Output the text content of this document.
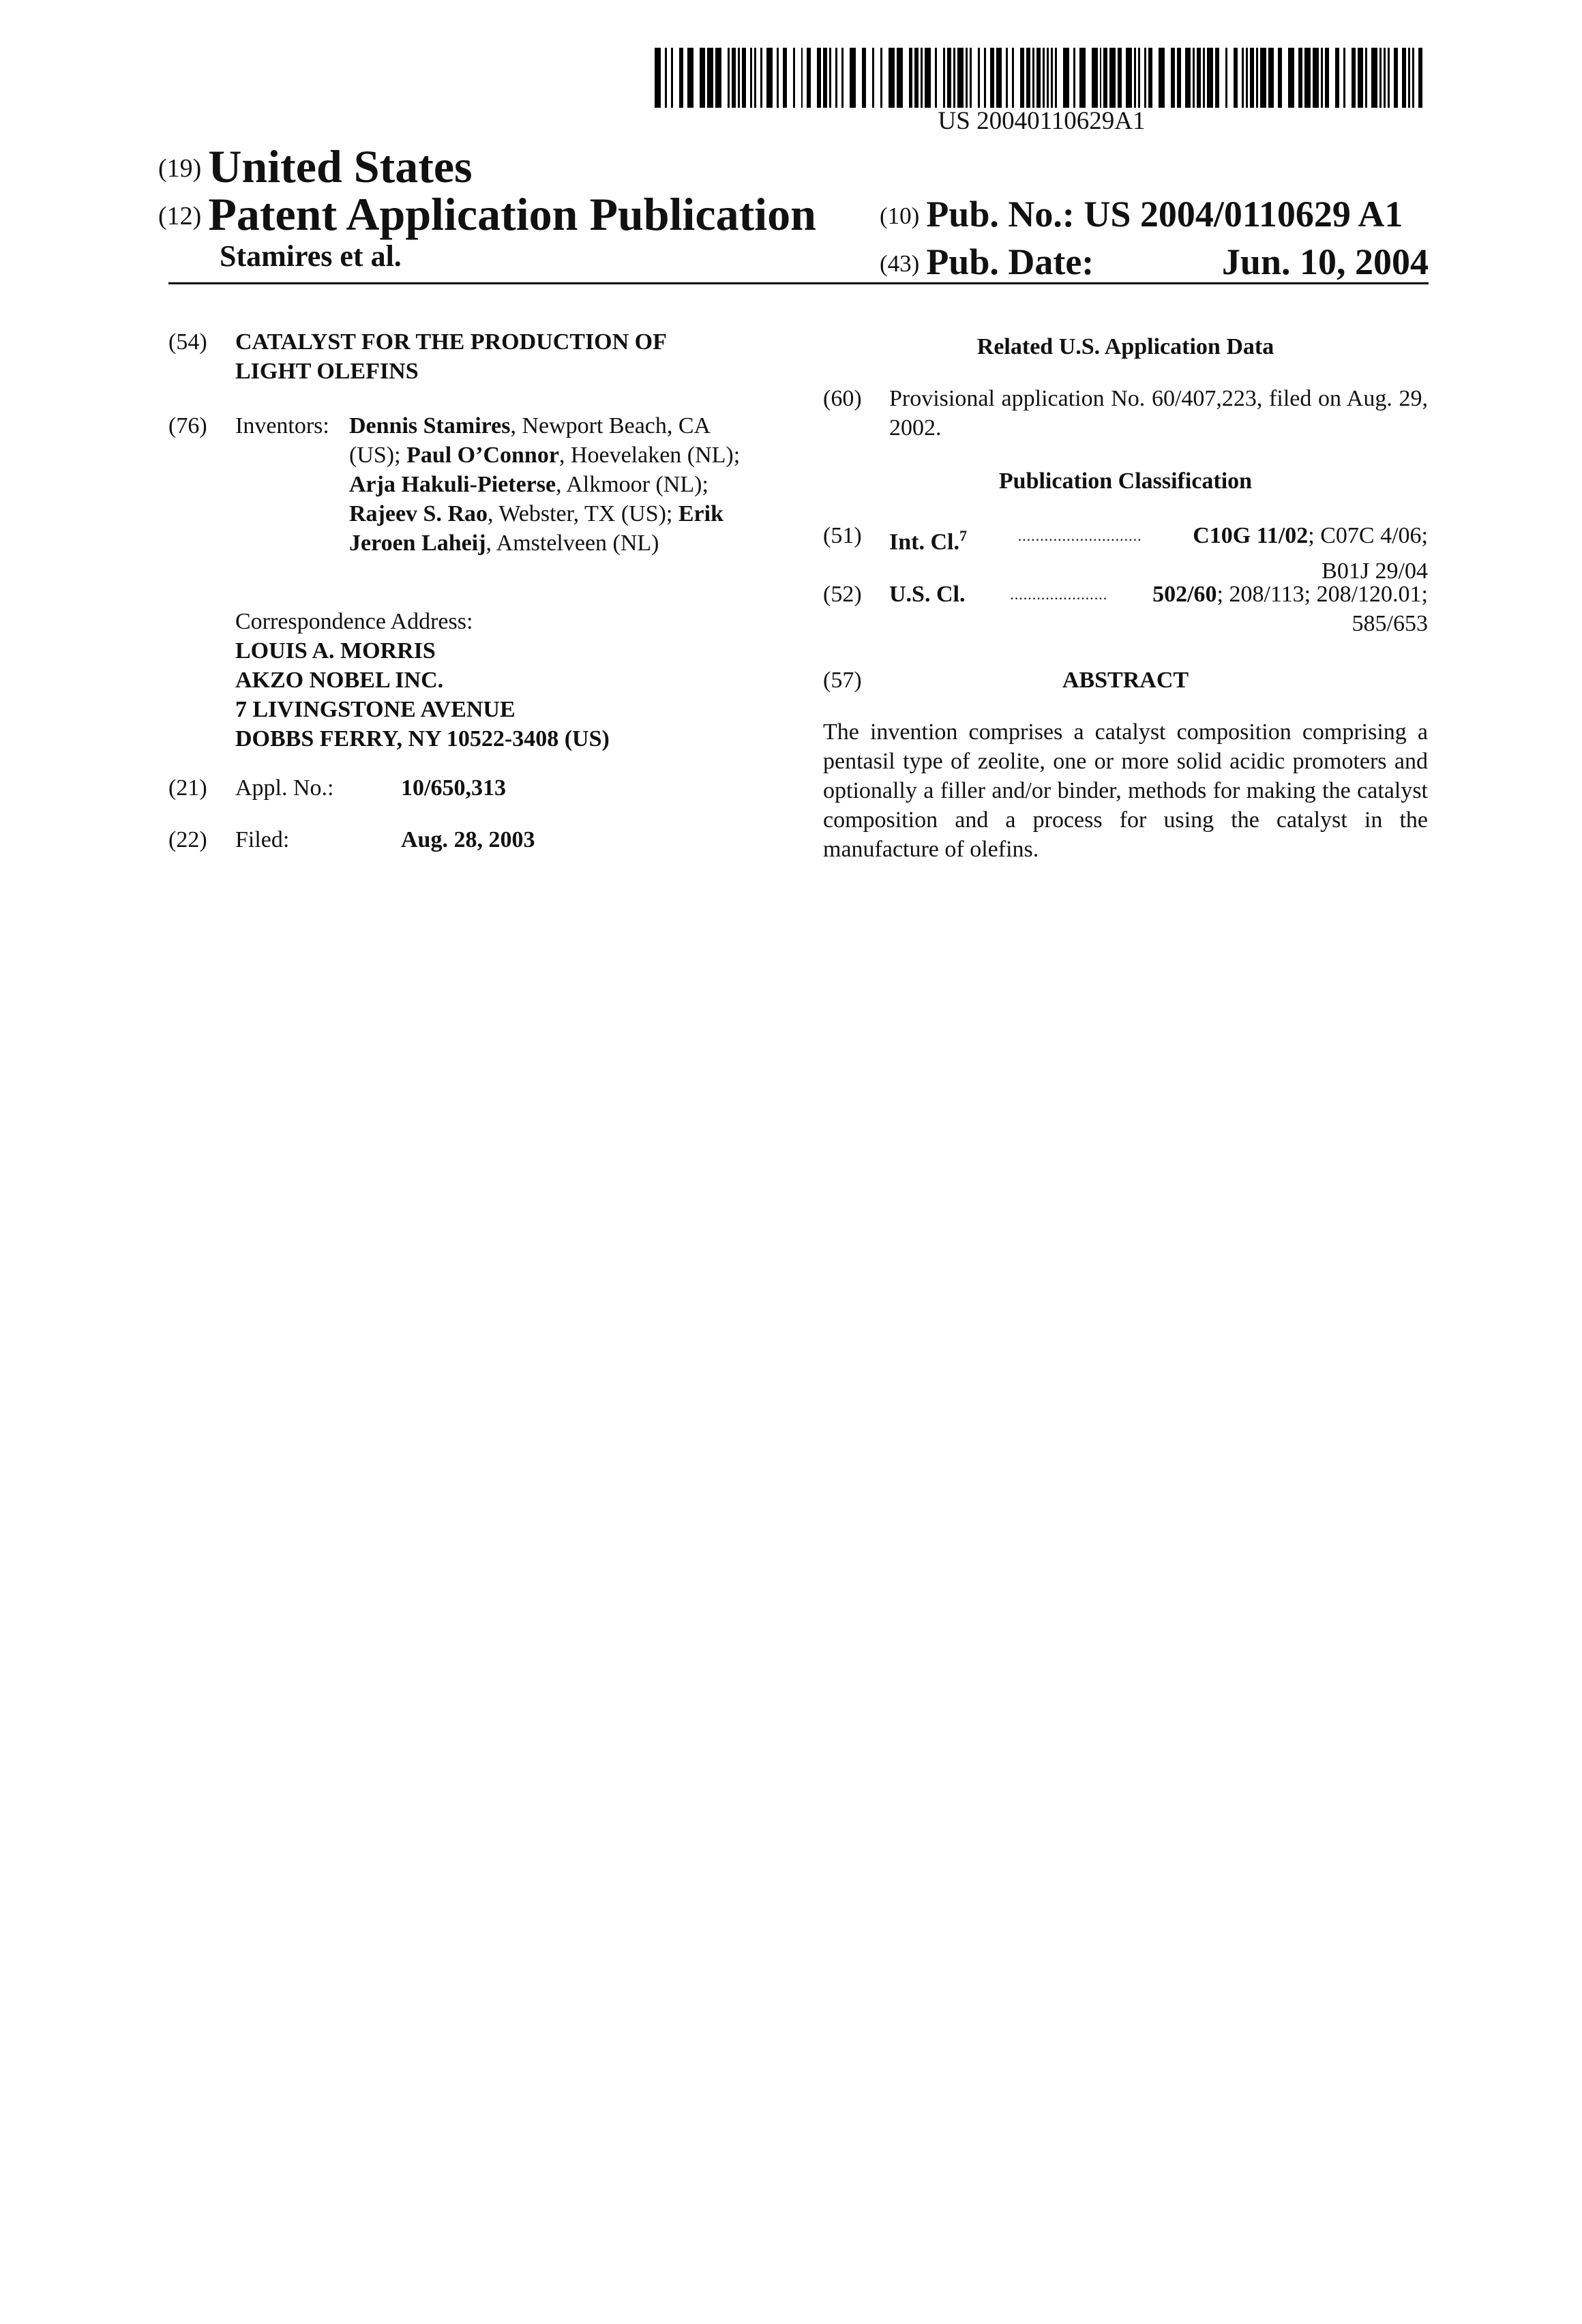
US 20040110629A1
(19) United States
(12) Patent Application Publication
Stamires et al.
(10) Pub. No.: US 2004/0110629 A1
(43) Pub. Date:	Jun. 10, 2004
(54) CATALYST FOR THE PRODUCTION OF
LIGHT OLEFINS
(76) Inventors: Dennis Stamires, Newport Beach, CA (US); Paul O’Connor, Hoevelaken (NL); Arja Hakuli-Pieterse, Alkmoor (NL); Rajeev S. Rao, Webster, TX (US); Erik Jeroen Laheij, Amstelveen (NL)
Correspondence Address:
LOUIS A. MORRIS
AKZO NOBEL INC.
7 LIVINGSTONE AVENUE
DOBBS FERRY, NY 10522-3408 (US)
(21) Appl. No.:	10/650,313
(22) Filed:	Aug. 28, 2003
Related U.S. Application Data
(60) Provisional application No. 60/407,223, filed on Aug. 29, 2002.
Publication Classification
(51) Int. Cl.$^7$	............................ C10G 11/02; C07C 4/06;
B01J 29/04
(52) U.S. Cl.	...................... 502/60; 208/113; 208/120.01;
585/653
(57)	ABSTRACT
The invention comprises a catalyst composition comprising a pentasil type of zeolite, one or more solid acidic promoters and optionally a filler and/or binder, methods for making the catalyst composition and a process for using the catalyst in the manufacture of olefins.
